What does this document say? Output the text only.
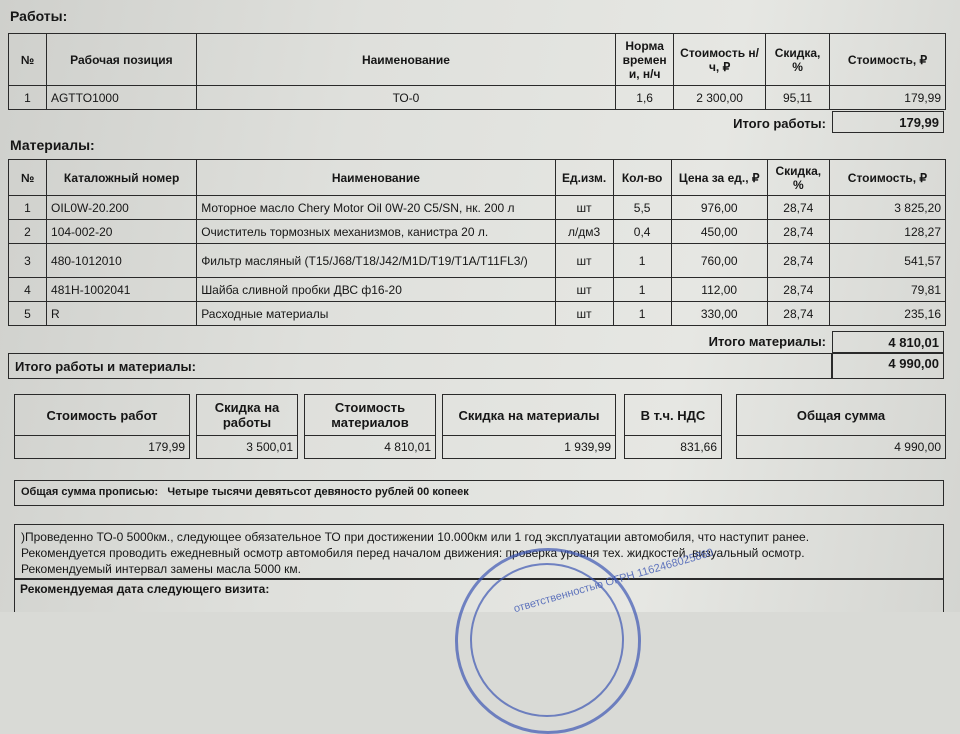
Работы:
№	Рабочая позиция	Наименование	Норма времен и, н/ч	Стоимость н/ч, ₽	Скидка, %	Стоимость, ₽
1	AGTTO1000	ТО-0	1,6	2 300,00	95,11	179,99
Итого работы:	179,99
Материалы:
№	Каталожный номер	Наименование	Ед.изм.	Кол-во	Цена за ед., ₽	Скидка, %	Стоимость, ₽
1	OIL0W-20.200	Моторное масло Chery Motor Oil 0W-20 C5/SN, нк. 200 л	шт	5,5	976,00	28,74	3 825,20
2	104-002-20	Очиститель тормозных механизмов, канистра 20 л.	л/дм3	0,4	450,00	28,74	128,27
3	480-1012010	Фильтр масляный (T15/J68/T18/J42/M1D/T19/T1A/T11FL3/)	шт	1	760,00	28,74	541,57
4	481H-1002041	Шайба сливной пробки ДВС ф16-20	шт	1	112,00	28,74	79,81
5	R	Расходные материалы	шт	1	330,00	28,74	235,16
Итого материалы:	4 810,01
Итого работы и материалы:	4 990,00
Стоимость работ
179,99
Скидка на работы
3 500,01
Стоимость материалов
4 810,01
Скидка на материалы
1 939,99
В т.ч. НДС
831,66
Общая сумма
4 990,00
Общая сумма прописью: Четыре тысячи девятьсот девяносто рублей 00 копеек
)Проведенно ТО-0 5000км., следующее обязательное ТО при достижении 10.000км или 1 год эксплуатации автомобиля, что наступит ранее.
Рекомендуется проводить ежедневный осмотр автомобиля перед началом движения: проверка уровня тех. жидкостей, визуальный осмотр.
Рекомендуемый интервал замены масла 5000 км.
Рекомендуемая дата следующего визита:	ответственностью ОГРН 1162468025860
